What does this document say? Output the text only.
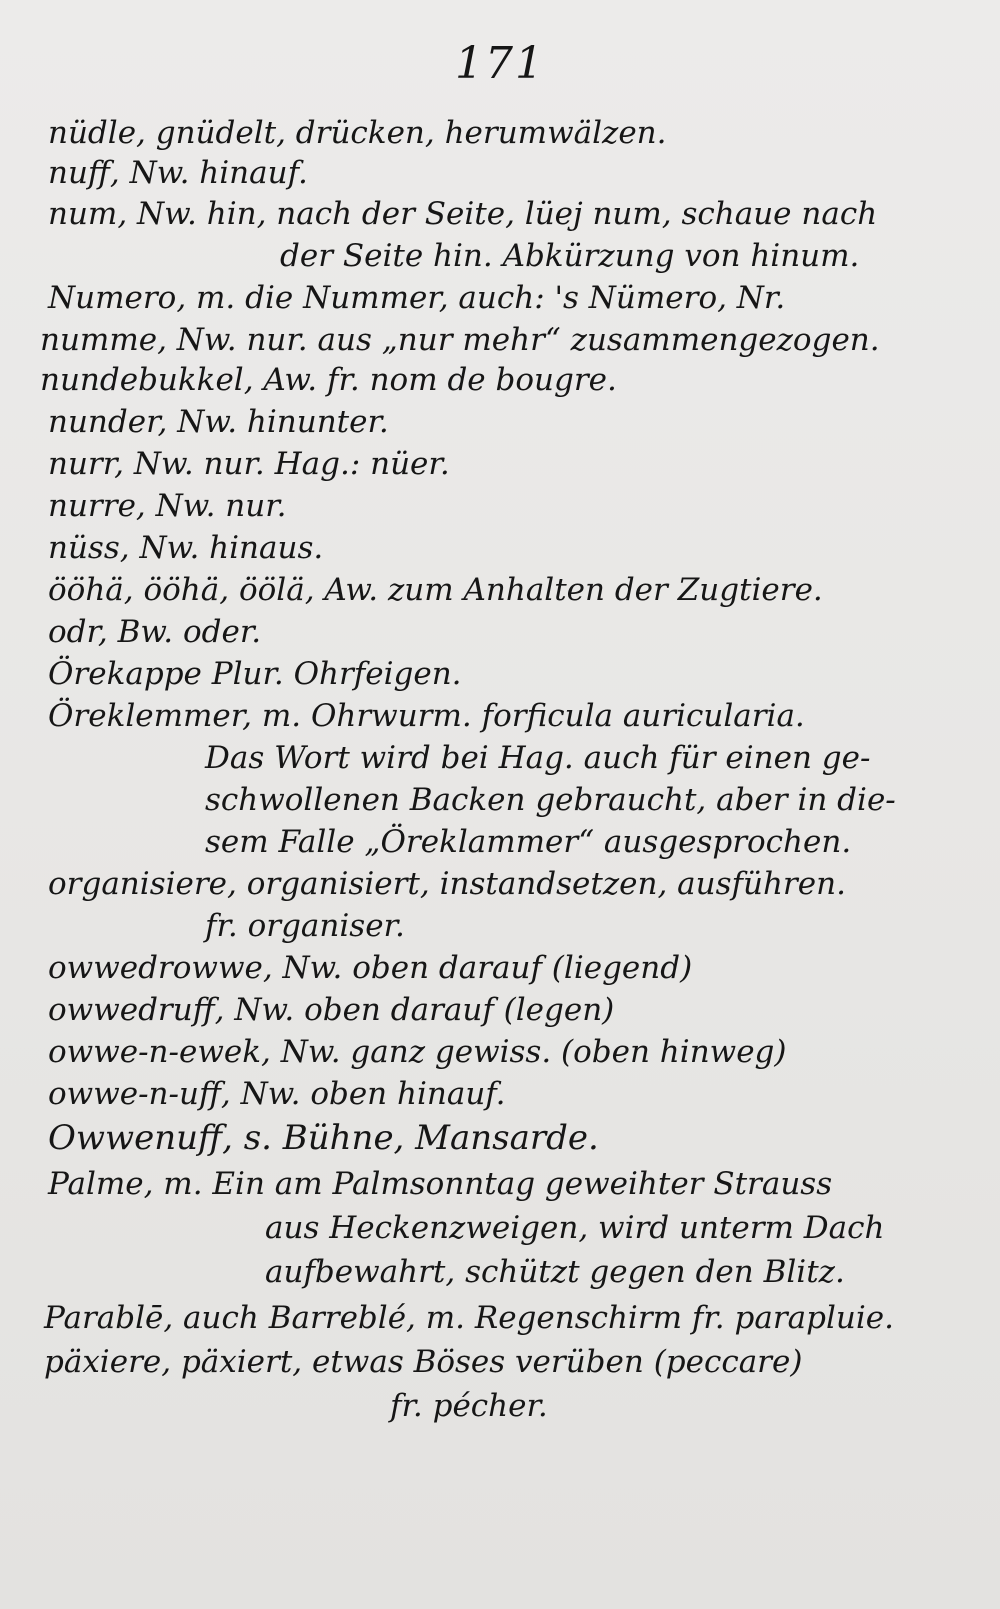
171
nüdle, gnüdelt, drücken, herumwälzen.
nuff, Nw. hinauf.
num, Nw. hin, nach der Seite, lüej num, schaue nach
der Seite hin. Abkürzung von hinum.
Numero, m. die Nummer, auch: 's Nümero, Nr.
numme, Nw. nur. aus „nur mehr“ zusammengezogen.
nundebukkel, Aw. fr. nom de bougre.
nunder, Nw. hinunter.
nurr, Nw. nur. Hag.: nüer.
nurre, Nw. nur.
nüss, Nw. hinaus.
ööhä, ööhä, öölä, Aw. zum Anhalten der Zugtiere.
odr, Bw. oder.
Örekappe Plur. Ohrfeigen.
Öreklemmer, m. Ohrwurm. forficula auricularia.
Das Wort wird bei Hag. auch für einen ge-
schwollenen Backen gebraucht, aber in die-
sem Falle „Öreklammer“ ausgesprochen.
organisiere, organisiert, instandsetzen, ausführen.
fr. organiser.
owwedrowwe, Nw. oben darauf (liegend)
owwedruff, Nw. oben darauf (legen)
owwe-n-ewek, Nw. ganz gewiss. (oben hinweg)
owwe-n-uff, Nw. oben hinauf.
Owwenuff, s. Bühne, Mansarde.
Palme, m. Ein am Palmsonntag geweihter Strauss
aus Heckenzweigen, wird unterm Dach
aufbewahrt, schützt gegen den Blitz.
Parablē, auch Barreblé, m. Regenschirm fr. parapluie.
päxiere, päxiert, etwas Böses verüben (peccare)
fr. pécher.
